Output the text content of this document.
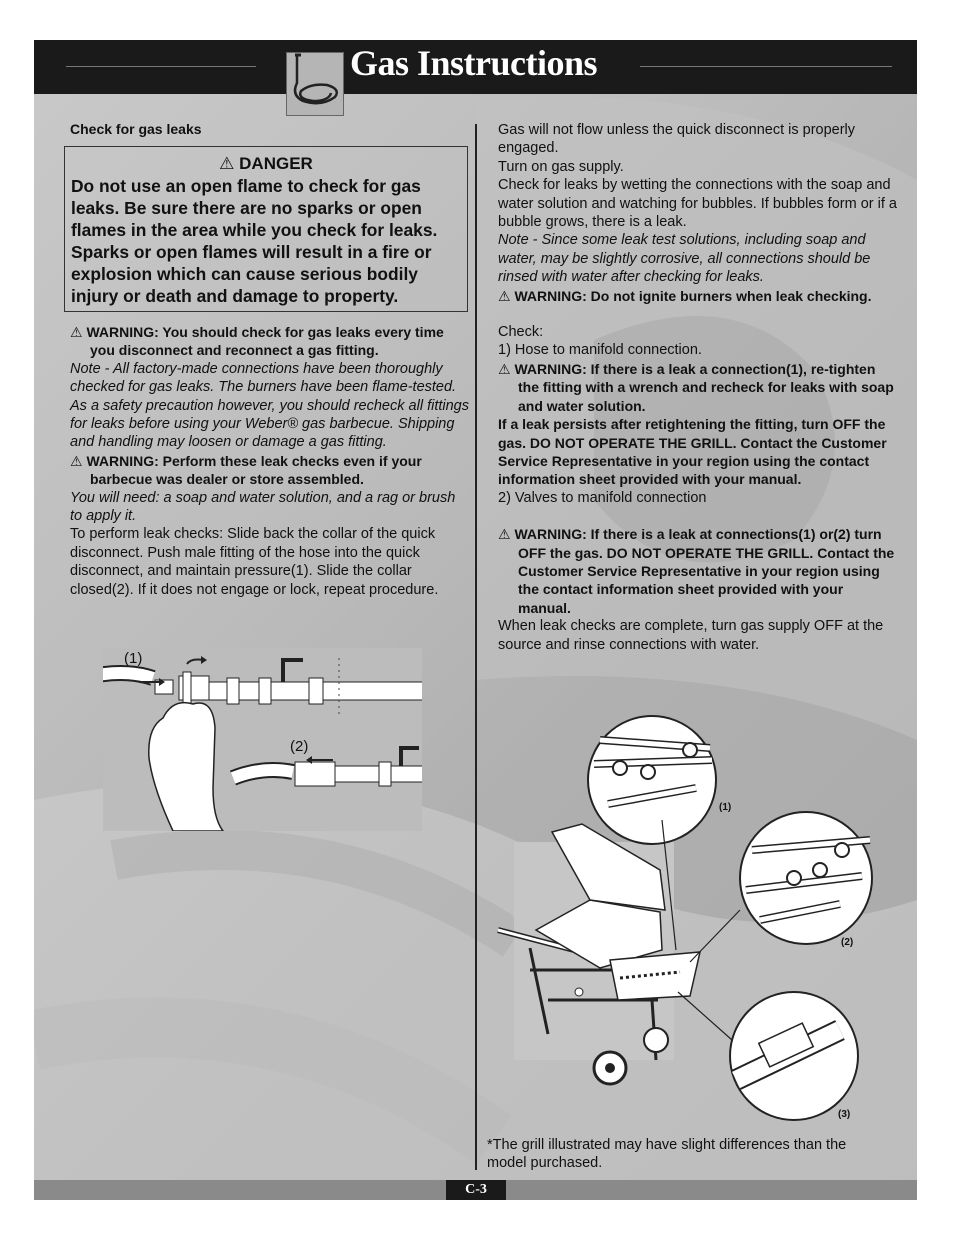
Gas Instructions
Check for gas leaks
⚠ DANGER
Do not use an open flame to check for gas leaks. Be sure there are no sparks or open flames in the area while you check for leaks. Sparks or open flames will result in a fire or explosion which can cause serious bodily injury or death and damage to property.

⚠ WARNING: You should check for gas leaks every time you disconnect and reconnect a gas fitting.

Note - All factory-made connections have been thoroughly checked for gas leaks. The burners have been flame-tested. As a safety precaution however, you should recheck all fittings for leaks before using your Weber® gas barbecue. Shipping and handling may loosen or damage a gas fitting.

⚠ WARNING: Perform these leak checks even if your barbecue was dealer or store assembled.

You will need: a soap and water solution, and a rag or brush to apply it.

To perform leak checks: Slide back the collar of the quick disconnect. Push male fitting of the hose into the quick disconnect, and maintain pressure(1). Slide the collar closed(2). If it does not engage or lock, repeat procedure.

(1)
(2)

Gas will not flow unless the quick disconnect is properly engaged.

Turn on gas supply.

Check for leaks by wetting the connections with the soap and water solution and watching for bubbles. If bubbles form or if a bubble grows, there is a leak.

Note - Since some leak test solutions, including soap and water, may be slightly corrosive, all connections should be rinsed with water after checking for leaks.

⚠ WARNING: Do not ignite burners when leak checking.

Check:

1) Hose to manifold connection.

⚠ WARNING: If there is a leak a connection(1), re-tighten the fitting with a wrench and recheck for leaks with soap and water solution.

If a leak persists after retightening the fitting, turn OFF the gas. DO NOT OPERATE THE GRILL. Contact the Customer Service Representative in your region using the contact information sheet provided with your manual.

2) Valves to manifold connection

⚠ WARNING: If there is a leak at connections(1) or(2) turn OFF the gas. DO NOT OPERATE THE GRILL. Contact the Customer Service Representative in your region using the contact information sheet provided with your manual.

When leak checks are complete, turn gas supply OFF at the source and rinse connections with water.

(1)
(2)
(3)
*The grill illustrated may have slight differences than the model purchased.
C-3
